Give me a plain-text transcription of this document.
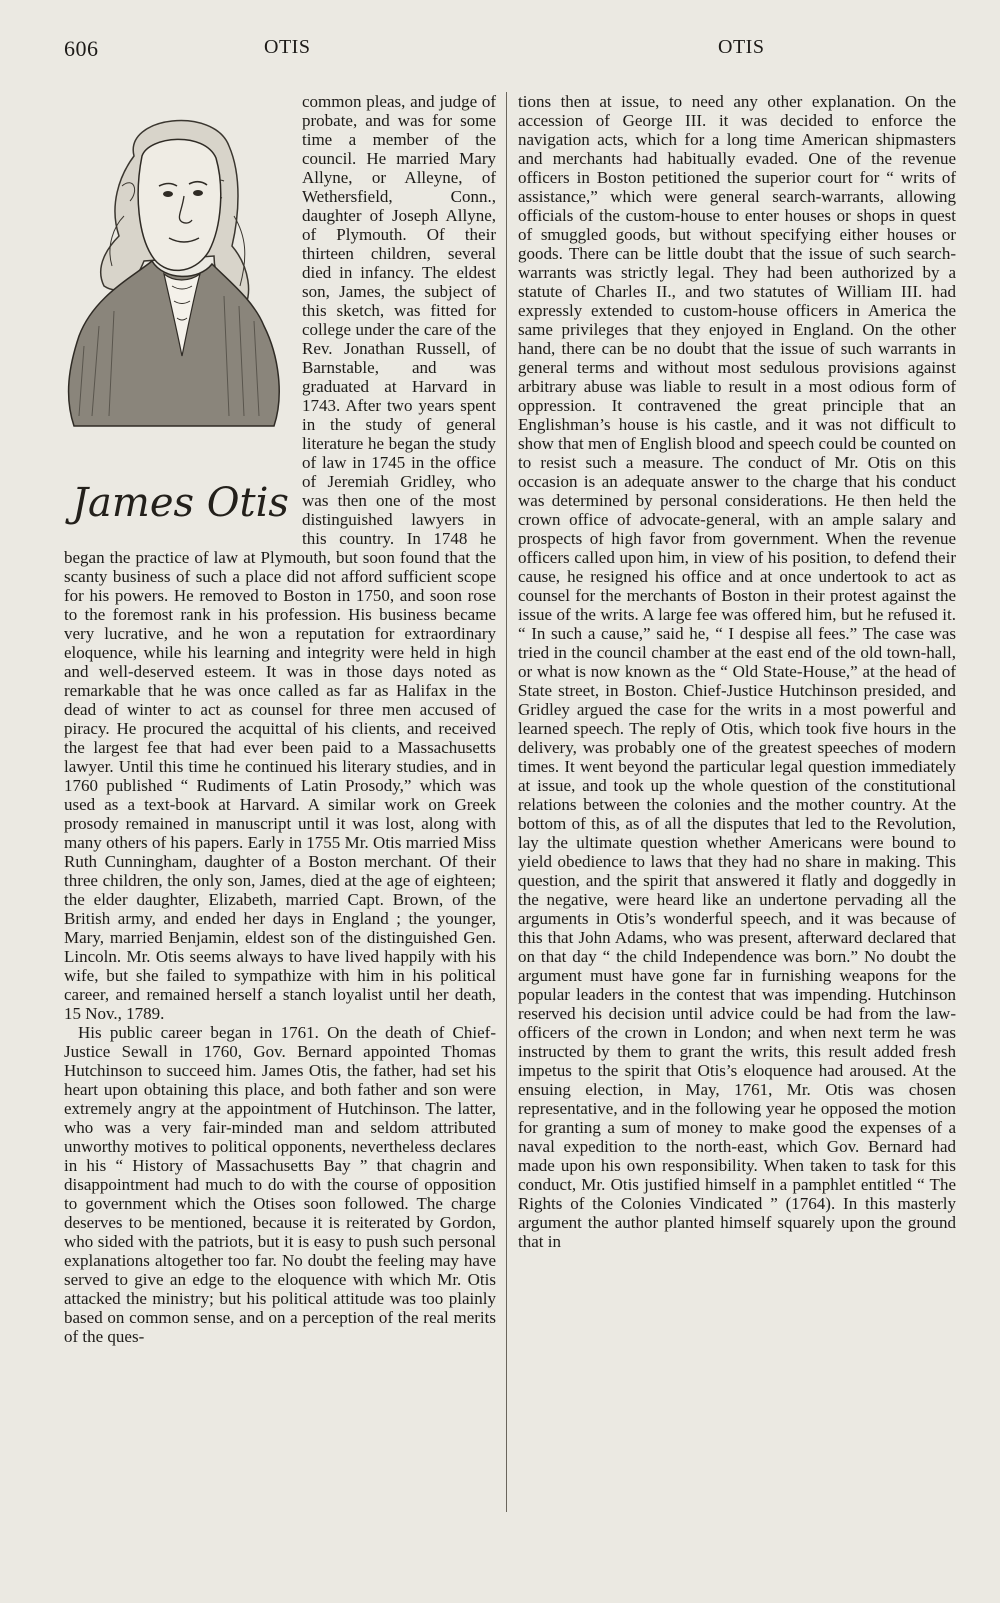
606	OTIS	OTIS
James Otis

common pleas, and judge of probate, and was for some time a member of the council. He married Mary Allyne, or Alleyne, of Wethersfield, Conn., daughter of Joseph Allyne, of Plymouth. Of their thirteen children, several died in infancy. The eldest son, James, the subject of this sketch, was fitted for college under the care of the Rev. Jonathan Russell, of Barnstable, and was graduated at Harvard in 1743. After two years spent in the study of general literature he began the study of law in 1745 in the office of Jeremiah Gridley, who was then one of the most distinguished lawyers in this country. In 1748 he began the practice of law at Plymouth, but soon found that the scanty business of such a place did not afford sufficient scope for his powers. He removed to Boston in 1750, and soon rose to the foremost rank in his profession. His business became very lucrative, and he won a reputation for extraordinary eloquence, while his learning and integrity were held in high and well-deserved esteem. It was in those days noted as remarkable that he was once called as far as Halifax in the dead of winter to act as counsel for three men accused of piracy. He procured the acquittal of his clients, and received the largest fee that had ever been paid to a Massachusetts lawyer. Until this time he continued his literary studies, and in 1760 published “ Rudiments of Latin Prosody,” which was used as a text-book at Harvard. A similar work on Greek prosody remained in manuscript until it was lost, along with many others of his papers. Early in 1755 Mr. Otis married Miss Ruth Cunningham, daughter of a Boston merchant. Of their three children, the only son, James, died at the age of eighteen; the elder daughter, Elizabeth, married Capt. Brown, of the British army, and ended her days in England ; the younger, Mary, married Benjamin, eldest son of the distinguished Gen. Lincoln. Mr. Otis seems always to have lived happily with his wife, but she failed to sympathize with him in his political career, and remained herself a stanch loyalist until her death, 15 Nov., 1789.

His public career began in 1761. On the death of Chief-Justice Sewall in 1760, Gov. Bernard appointed Thomas Hutchinson to succeed him. James Otis, the father, had set his heart upon obtaining this place, and both father and son were extremely angry at the appointment of Hutchinson. The latter, who was a very fair-minded man and seldom attributed unworthy motives to political opponents, nevertheless declares in his “ History of Massachusetts Bay ” that chagrin and disappointment had much to do with the course of opposition to government which the Otises soon followed. The charge deserves to be mentioned, because it is reiterated by Gordon, who sided with the patriots, but it is easy to push such personal explanations altogether too far. No doubt the feeling may have served to give an edge to the eloquence with which Mr. Otis attacked the ministry; but his political attitude was too plainly based on common sense, and on a perception of the real merits of the ques-

tions then at issue, to need any other explanation. On the accession of George III. it was decided to enforce the navigation acts, which for a long time American shipmasters and merchants had habitually evaded. One of the revenue officers in Boston petitioned the superior court for “ writs of assistance,” which were general search-warrants, allowing officials of the custom-house to enter houses or shops in quest of smuggled goods, but without specifying either houses or goods. There can be little doubt that the issue of such search-warrants was strictly legal. They had been authorized by a statute of Charles II., and two statutes of William III. had expressly extended to custom-house officers in America the same privileges that they enjoyed in England. On the other hand, there can be no doubt that the issue of such warrants in general terms and without most sedulous provisions against arbitrary abuse was liable to result in a most odious form of oppression. It contravened the great principle that an Englishman’s house is his castle, and it was not difficult to show that men of English blood and speech could be counted on to resist such a measure. The conduct of Mr. Otis on this occasion is an adequate answer to the charge that his conduct was determined by personal considerations. He then held the crown office of advocate-general, with an ample salary and prospects of high favor from government. When the revenue officers called upon him, in view of his position, to defend their cause, he resigned his office and at once undertook to act as counsel for the merchants of Boston in their protest against the issue of the writs. A large fee was offered him, but he refused it. “ In such a cause,” said he, “ I despise all fees.” The case was tried in the council chamber at the east end of the old town-hall, or what is now known as the “ Old State-House,” at the head of State street, in Boston. Chief-Justice Hutchinson presided, and Gridley argued the case for the writs in a most powerful and learned speech. The reply of Otis, which took five hours in the delivery, was probably one of the greatest speeches of modern times. It went beyond the particular legal question immediately at issue, and took up the whole question of the constitutional relations between the colonies and the mother country. At the bottom of this, as of all the disputes that led to the Revolution, lay the ultimate question whether Americans were bound to yield obedience to laws that they had no share in making. This question, and the spirit that answered it flatly and doggedly in the negative, were heard like an undertone pervading all the arguments in Otis’s wonderful speech, and it was because of this that John Adams, who was present, afterward declared that on that day “ the child Independence was born.” No doubt the argument must have gone far in furnishing weapons for the popular leaders in the contest that was impending. Hutchinson reserved his decision until advice could be had from the law-officers of the crown in London; and when next term he was instructed by them to grant the writs, this result added fresh impetus to the spirit that Otis’s eloquence had aroused. At the ensuing election, in May, 1761, Mr. Otis was chosen representative, and in the following year he opposed the motion for granting a sum of money to make good the expenses of a naval expedition to the north-east, which Gov. Bernard had made upon his own responsibility. When taken to task for this conduct, Mr. Otis justified himself in a pamphlet entitled “ The Rights of the Colonies Vindicated ” (1764). In this masterly argument the author planted himself squarely upon the ground that in
